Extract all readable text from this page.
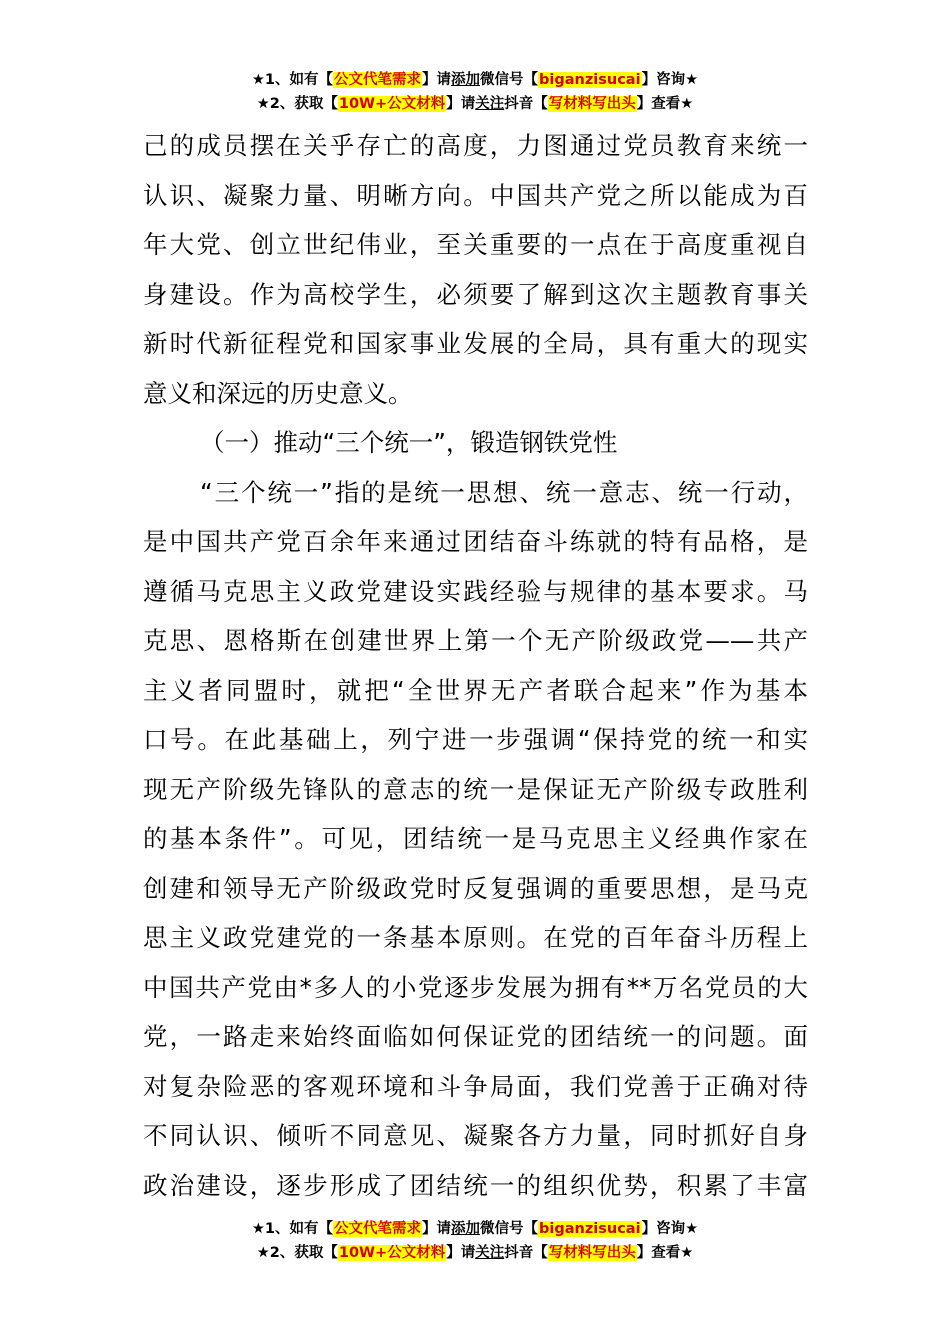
★1、如有【公文代笔需求】请添加微信号【biganzisucai】咨询★
★2、获取【10W+公文材料】请关注抖音【写材料写出头】查看★
己的成员摆在关乎存亡的高度，力图通过党员教育来统一
认识、凝聚力量、明晰方向。中国共产党之所以能成为百
年大党、创立世纪伟业，至关重要的一点在于高度重视自
身建设。作为高校学生，必须要了解到这次主题教育事关
新时代新征程党和国家事业发展的全局，具有重大的现实
意义和深远的历史意义。
（一）推动“三个统一”，锻造钢铁党性
“三个统一”指的是统一思想、统一意志、统一行动，
是中国共产党百余年来通过团结奋斗练就的特有品格，是
遵循马克思主义政党建设实践经验与规律的基本要求。马
克思、恩格斯在创建世界上第一个无产阶级政党——共产
主义者同盟时，就把“全世界无产者联合起来”作为基本
口号。在此基础上，列宁进一步强调“保持党的统一和实
现无产阶级先锋队的意志的统一是保证无产阶级专政胜利
的基本条件”。可见，团结统一是马克思主义经典作家在
创建和领导无产阶级政党时反复强调的重要思想，是马克
思主义政党建党的一条基本原则。在党的百年奋斗历程上
中国共产党由*多人的小党逐步发展为拥有**万名党员的大
党，一路走来始终面临如何保证党的团结统一的问题。面
对复杂险恶的客观环境和斗争局面，我们党善于正确对待
不同认识、倾听不同意见、凝聚各方力量，同时抓好自身
政治建设，逐步形成了团结统一的组织优势，积累了丰富
★1、如有【公文代笔需求】请添加微信号【biganzisucai】咨询★
★2、获取【10W+公文材料】请关注抖音【写材料写出头】查看★
